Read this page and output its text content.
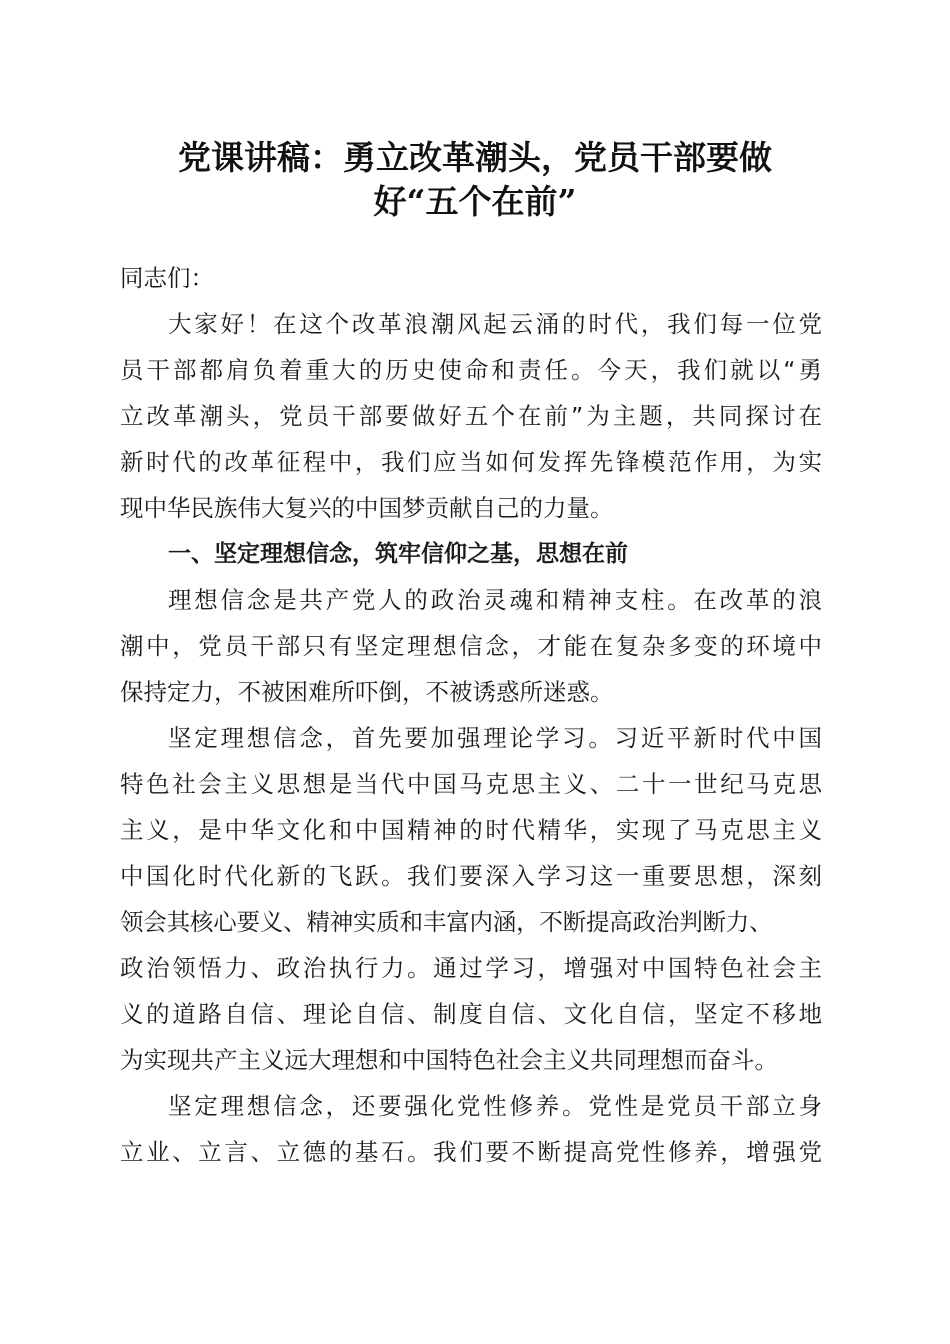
党课讲稿：勇立改革潮头，党员干部要做
好“五个在前”
同志们：
大家好！在这个改革浪潮风起云涌的时代，我们每一位党
员干部都肩负着重大的历史使命和责任。今天，我们就以“勇
立改革潮头，党员干部要做好五个在前”为主题，共同探讨在
新时代的改革征程中，我们应当如何发挥先锋模范作用，为实
现中华民族伟大复兴的中国梦贡献自己的力量。
一、坚定理想信念，筑牢信仰之基，思想在前
理想信念是共产党人的政治灵魂和精神支柱。在改革的浪
潮中，党员干部只有坚定理想信念，才能在复杂多变的环境中
保持定力，不被困难所吓倒，不被诱惑所迷惑。
坚定理想信念，首先要加强理论学习。习近平新时代中国
特色社会主义思想是当代中国马克思主义、二十一世纪马克思
主义，是中华文化和中国精神的时代精华，实现了马克思主义
中国化时代化新的飞跃。我们要深入学习这一重要思想，深刻
领会其核心要义、精神实质和丰富内涵，不断提高政治判断力、
政治领悟力、政治执行力。通过学习，增强对中国特色社会主
义的道路自信、理论自信、制度自信、文化自信，坚定不移地
为实现共产主义远大理想和中国特色社会主义共同理想而奋斗。
坚定理想信念，还要强化党性修养。党性是党员干部立身
立业、立言、立德的基石。我们要不断提高党性修养，增强党
